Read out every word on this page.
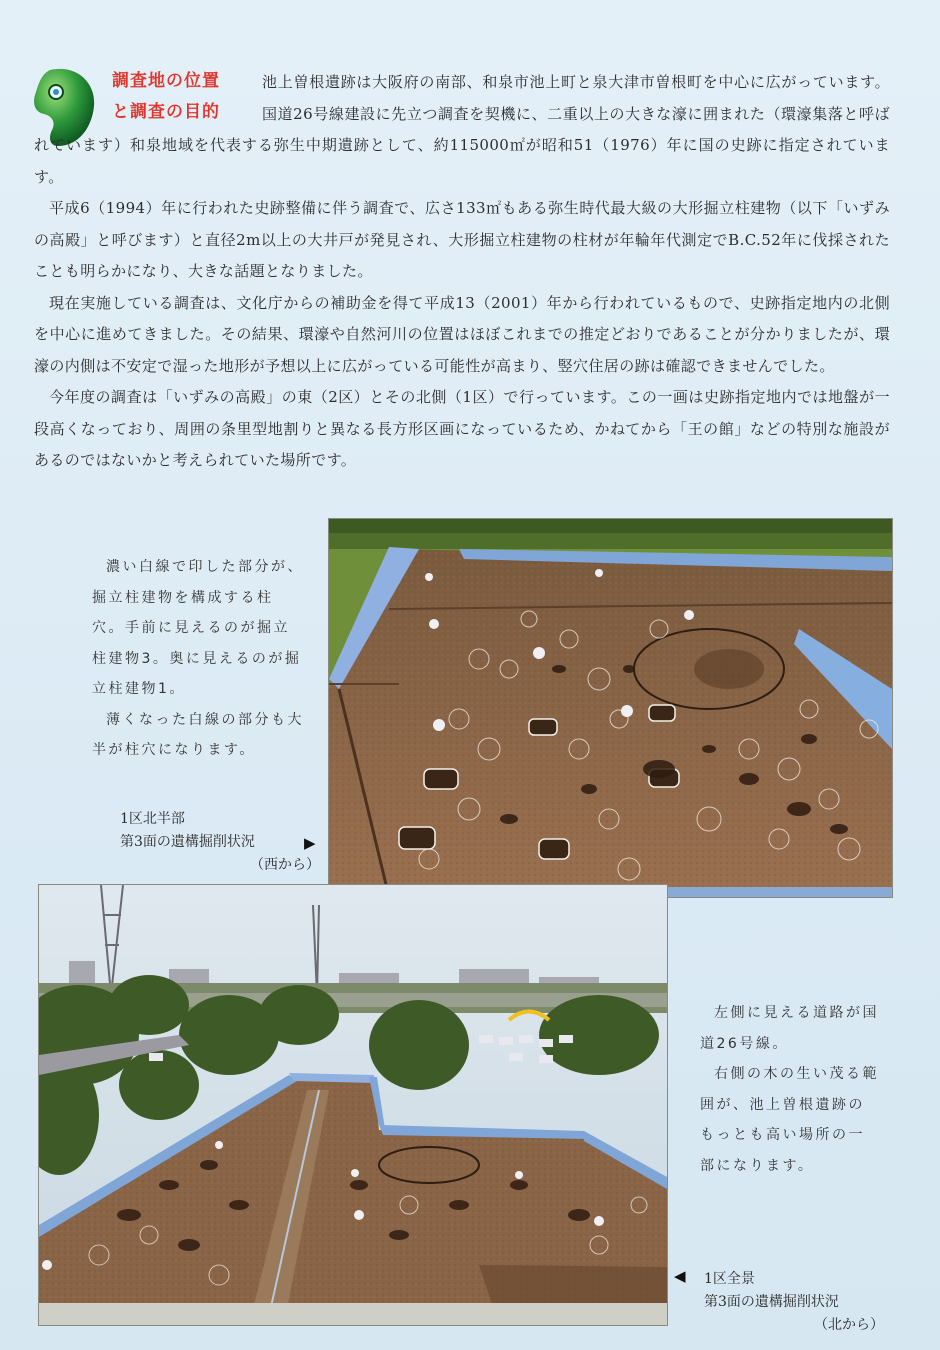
調査地の位置
と調査の目的

池上曽根遺跡は大阪府の南部、和泉市池上町と泉大津市曽根町を中心に広がっています。国道26号線建設に先立つ調査を契機に、二重以上の大きな濠に囲まれた（環濠集落と呼ばれています）和泉地域を代表する弥生中期遺跡として、約115000㎡が昭和51（1976）年に国の史跡に指定されています。

平成6（1994）年に行われた史跡整備に伴う調査で、広さ133㎡もある弥生時代最大級の大形掘立柱建物（以下「いずみの高殿」と呼びます）と直径2m以上の大井戸が発見され、大形掘立柱建物の柱材が年輪年代測定でB.C.52年に伐採されたことも明らかになり、大きな話題となりました。

現在実施している調査は、文化庁からの補助金を得て平成13（2001）年から行われているもので、史跡指定地内の北側を中心に進めてきました。その結果、環濠や自然河川の位置はほぼこれまでの推定どおりであることが分かりましたが、環濠の内側は不安定で湿った地形が予想以上に広がっている可能性が高まり、竪穴住居の跡は確認できませんでした。

今年度の調査は「いずみの高殿」の東（2区）とその北側（1区）で行っています。この一画は史跡指定地内では地盤が一段高くなっており、周囲の条里型地割りと異なる長方形区画になっているため、かねてから「王の館」などの特別な施設があるのではないかと考えられていた場所です。

濃い白線で印した部分が、掘立柱建物を構成する柱穴。手前に見えるのが掘立柱建物3。奥に見えるのが掘立柱建物1。

薄くなった白線の部分も大半が柱穴になります。

1区北半部
第3面の遺構掘削状況
（西から）
▶

左側に見える道路が国道26号線。

右側の木の生い茂る範囲が、池上曽根遺跡のもっとも高い場所の一部になります。

◀ 1区全景
第3面の遺構掘削状況
（北から）
